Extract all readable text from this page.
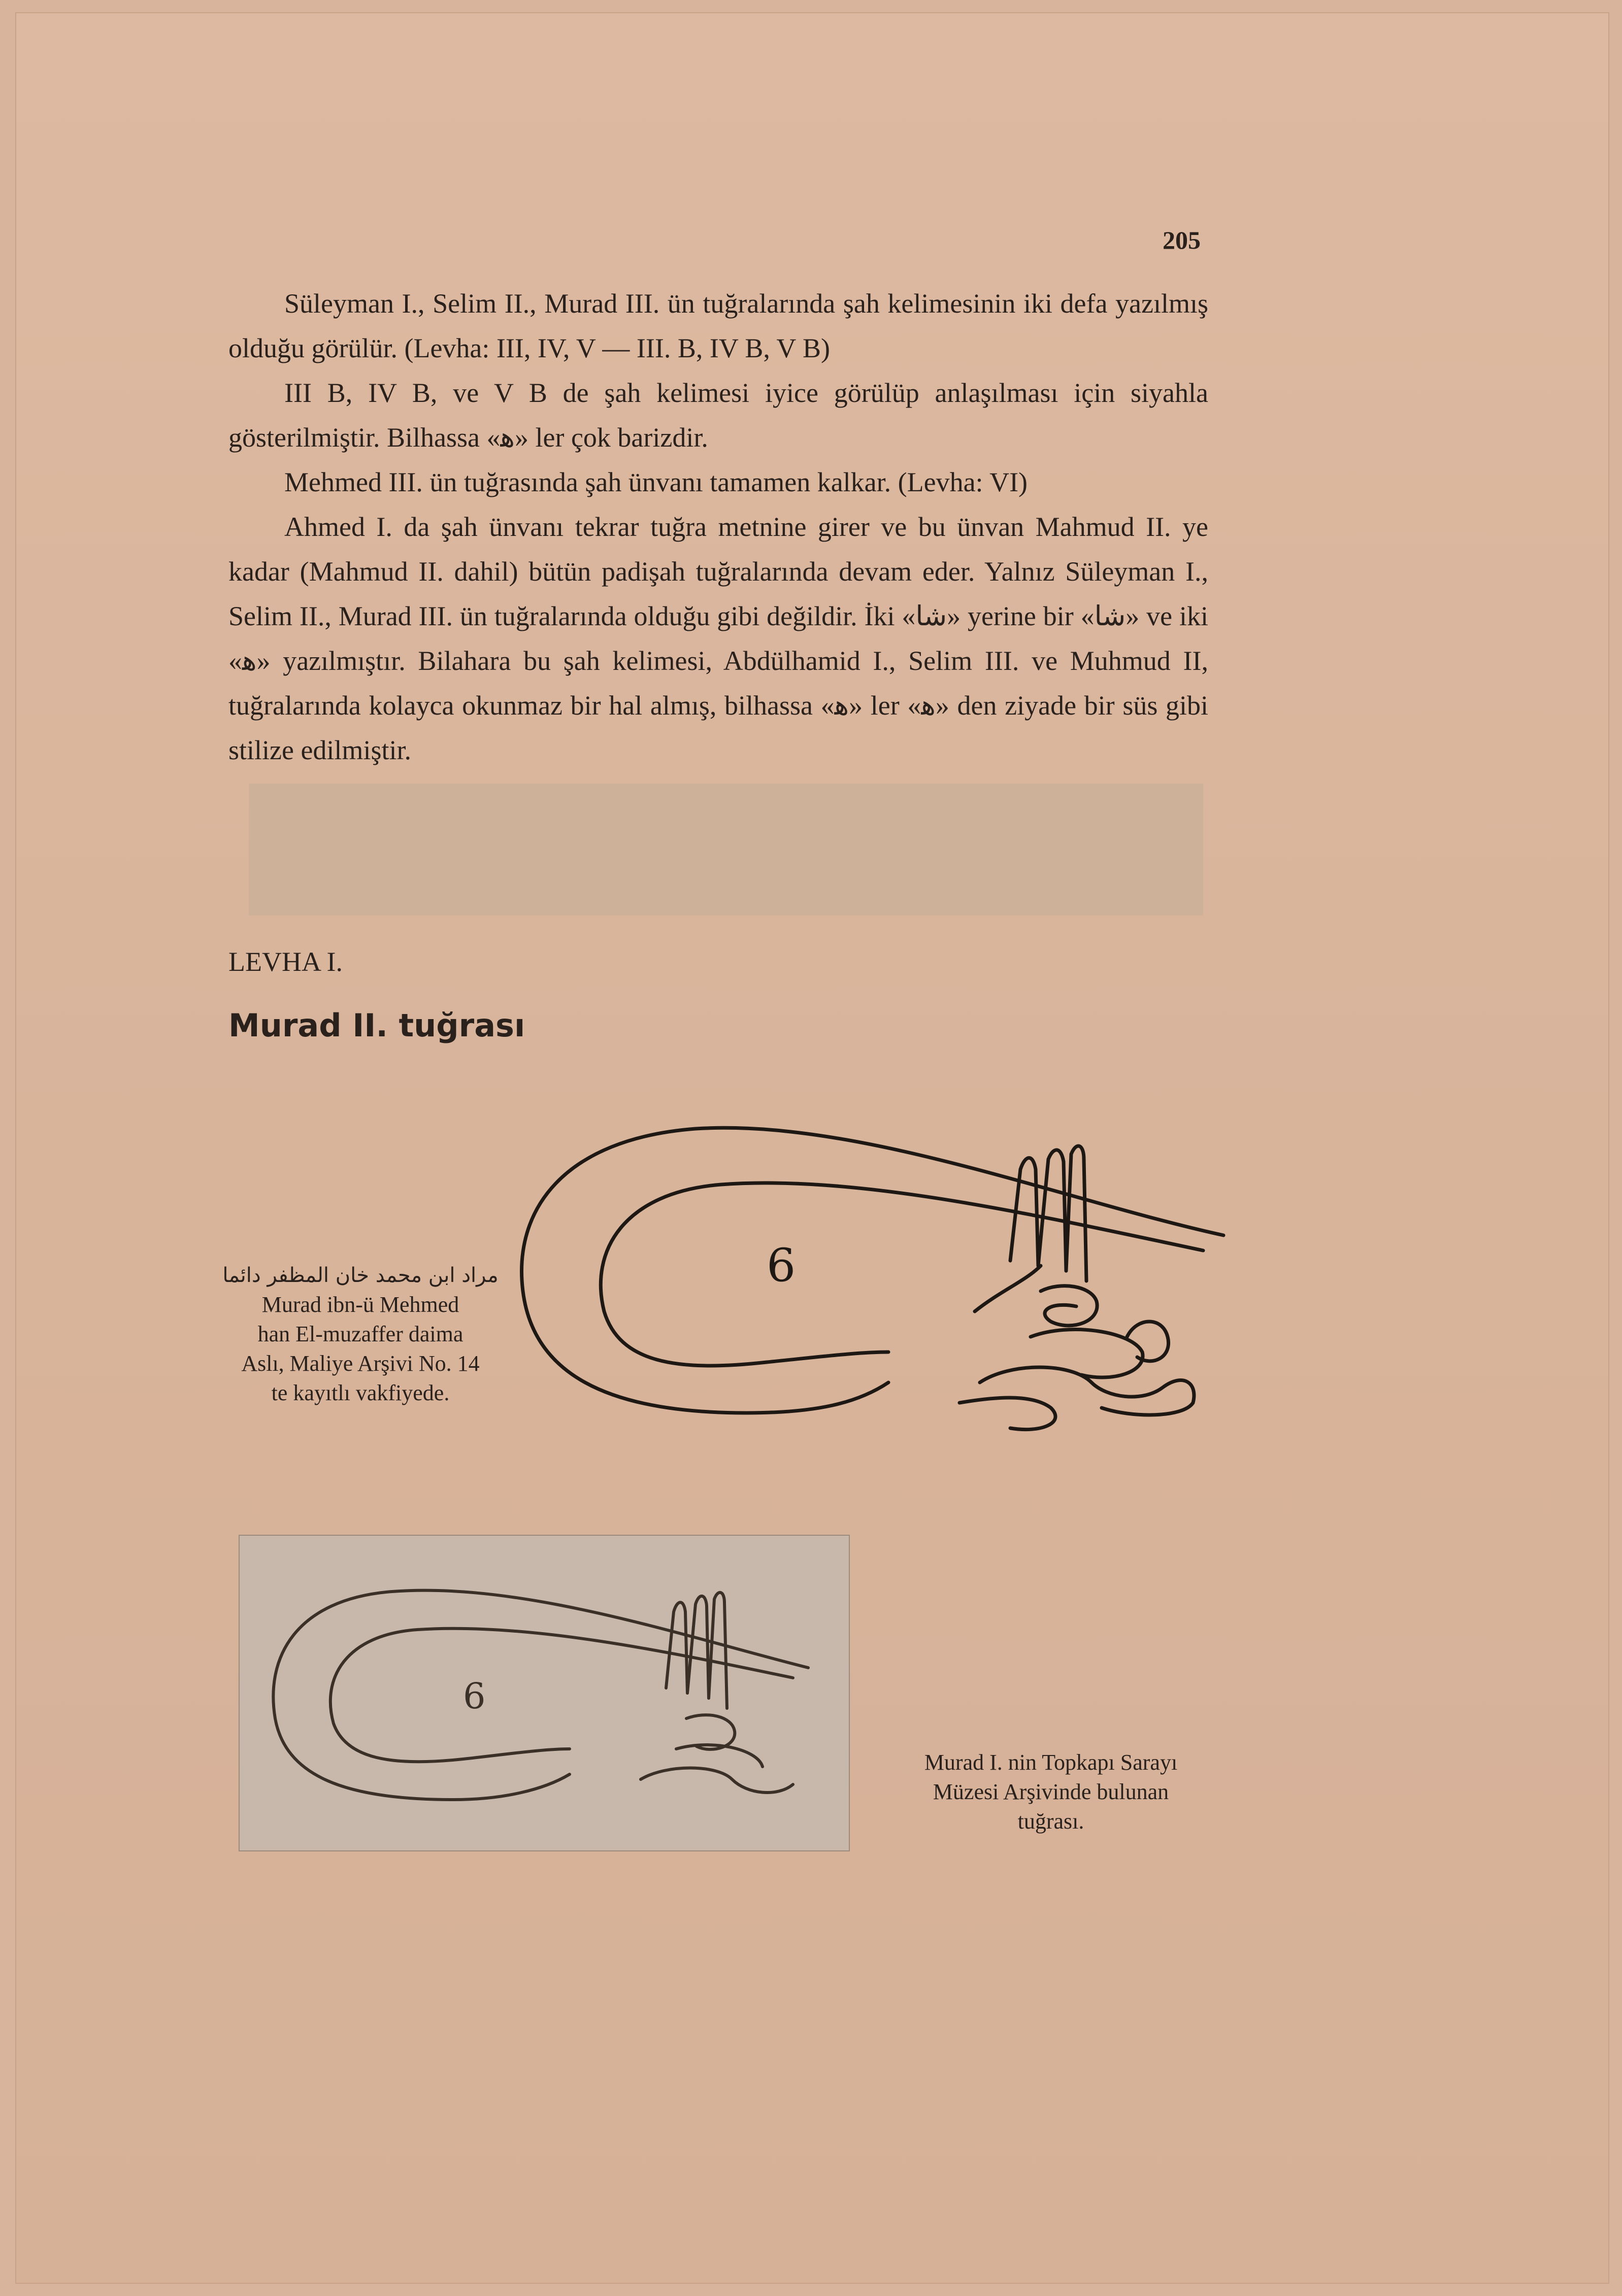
205

Süleyman I., Selim II., Murad III. ün tuğralarında şah kelimesinin iki defa yazılmış olduğu görülür. (Levha: III, IV, V — III. B, IV B, V B)

III B, IV B, ve V B de şah kelimesi iyice görülüp anlaşılması için siyahla gösterilmiştir. Bilhassa «ﻫ» ler çok barizdir.

Mehmed III. ün tuğrasında şah ünvanı tamamen kalkar. (Levha: VI)

Ahmed I. da şah ünvanı tekrar tuğra metnine girer ve bu ünvan Mahmud II. ye kadar (Mahmud II. dahil) bütün padişah tuğralarında devam eder. Yalnız Süleyman I., Selim II., Murad III. ün tuğralarında olduğu gibi değildir. İki «شا» yerine bir «شا» ve iki «ﻫ» yazılmıştır. Bilahara bu şah kelimesi, Abdülhamid I., Selim III. ve Muhmud II, tuğralarında kolayca okunmaz bir hal almış, bilhassa «ﻫ» ler «ﻫ» den ziyade bir süs gibi stilize edilmiştir.

LEVHA I.
Murad II. tuğrası
6
مراد ابن محمد خان المظفر دائما
Murad ibn-ü Mehmed
han El-muzaffer daima
Aslı, Maliye Arşivi No. 14
te kayıtlı vakfiyede.
6
Murad I. nin Topkapı Sarayı
Müzesi Arşivinde bulunan
tuğrası.
